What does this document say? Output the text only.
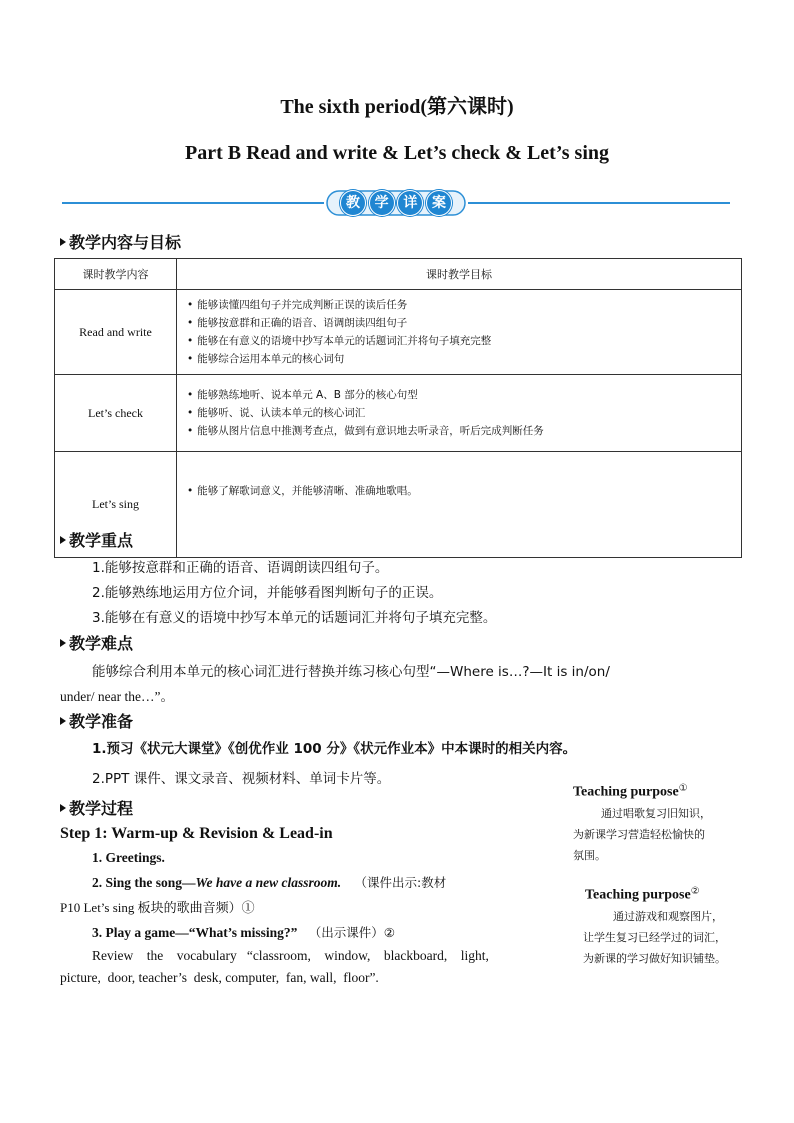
The sixth period(第六课时)
Part B Read and write & Let’s check & Let’s sing
教	学	详	案
教学内容与目标
课时教学内容	课时教学目标
Read and write	• 能够读懂四组句子并完成判断正误的读后任务
• 能够按意群和正确的语音、语调朗读四组句子
• 能够在有意义的语境中抄写本单元的话题词汇并将句子填充完整
• 能够综合运用本单元的核心词句

Let’s check	• 能够熟练地听、说本单元 A、B 部分的核心句型
• 能够听、说、认读本单元的核心词汇
• 能够从图片信息中推测考查点，做到有意识地去听录音，听后完成判断任务

Let’s sing	• 能够了解歌词意义，并能够清晰、准确地歌唱。
教学重点
1.能够按意群和正确的语音、语调朗读四组句子。
2.能够熟练地运用方位介词，并能够看图判断句子的正误。
3.能够在有意义的语境中抄写本单元的话题词汇并将句子填充完整。
教学难点
能够综合利用本单元的核心词汇进行替换并练习核心句型“—Where is…?—It is in/on/
under/ near the…”。
教学准备
1.预习《状元大课堂》《创优作业 100 分》《状元作业本》中本课时的相关内容。
2.PPT 课件、课文录音、视频材料、单词卡片等。
教学过程
Step 1: Warm-up & Revision & Lead-in
1. Greetings.
2. Sing the song—We have a new classroom. （课件出示:教材
P10 Let’s sing 板块的歌曲音频）①
3. Play a game—“What’s missing?” （出示课件）②
Review    the    vocabulary   “classroom,    window,    blackboard,    light,
picture,  door, teacher’s  desk, computer,  fan, wall,  floor”.
Teaching purpose①
通过唱歌复习旧知识，
为新课学习营造轻松愉快的
氛围。
Teaching purpose②
通过游戏和观察图片，
让学生复习已经学过的词汇，
为新课的学习做好知识铺垫。
